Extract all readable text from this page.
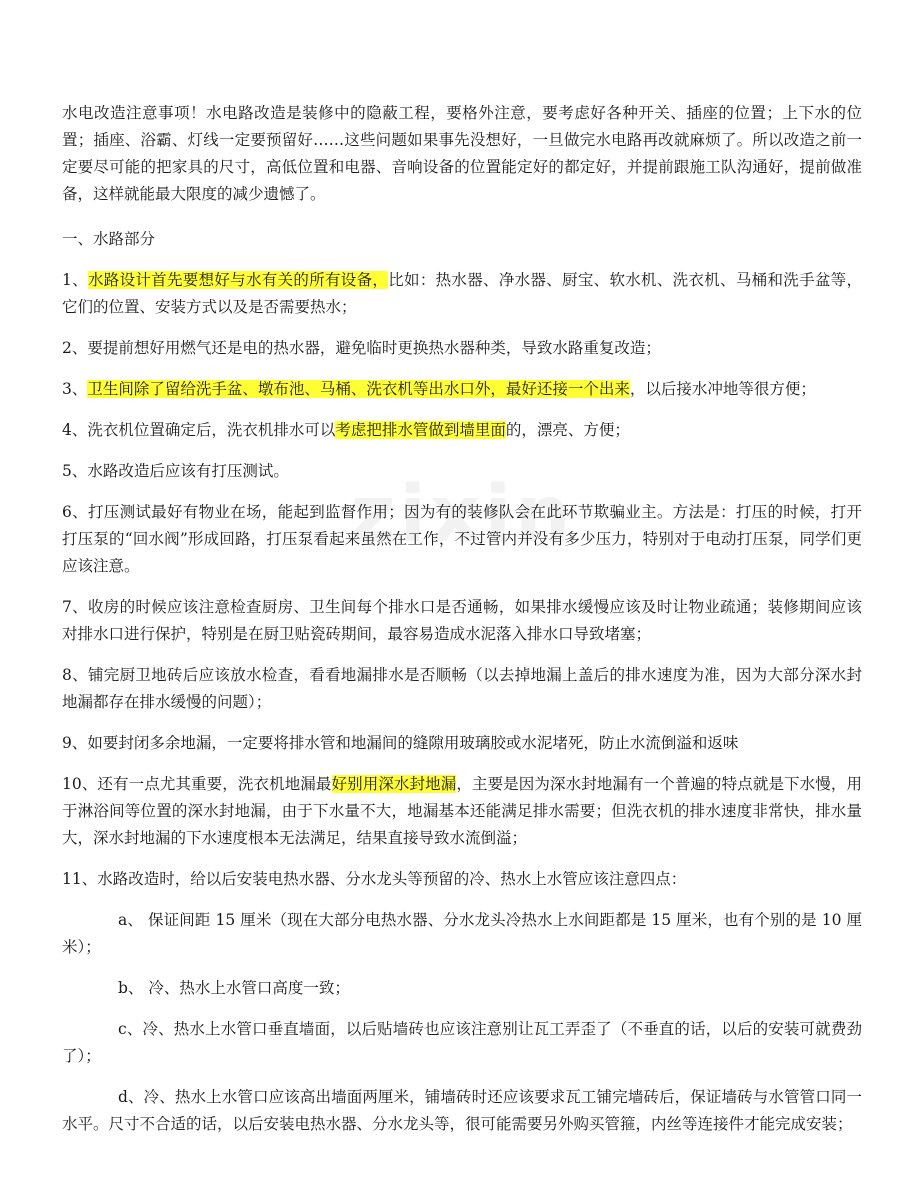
zixin

水电改造注意事项！水电路改造是装修中的隐蔽工程，要格外注意，要考虑好各种开关、插座的位置；上下水的位置；插座、浴霸、灯线一定要预留好……这些问题如果事先没想好，一旦做完水电路再改就麻烦了。所以改造之前一定要尽可能的把家具的尺寸，高低位置和电器、音响设备的位置能定好的都定好，并提前跟施工队沟通好，提前做准备，这样就能最大限度的减少遗憾了。

一、水路部分

1、水路设计首先要想好与水有关的所有设备，比如：热水器、净水器、厨宝、软水机、洗衣机、马桶和洗手盆等，它们的位置、安装方式以及是否需要热水；

2、要提前想好用燃气还是电的热水器，避免临时更换热水器种类，导致水路重复改造；

3、卫生间除了留给洗手盆、墩布池、马桶、洗衣机等出水口外，最好还接一个出来，以后接水冲地等很方便；

4、洗衣机位置确定后，洗衣机排水可以考虑把排水管做到墙里面的，漂亮、方便；

5、水路改造后应该有打压测试。

6、打压测试最好有物业在场，能起到监督作用；因为有的装修队会在此环节欺骗业主。方法是：打压的时候，打开打压泵的“回水阀”形成回路，打压泵看起来虽然在工作，不过管内并没有多少压力，特别对于电动打压泵，同学们更应该注意。

7、收房的时候应该注意检查厨房、卫生间每个排水口是否通畅，如果排水缓慢应该及时让物业疏通；装修期间应该对排水口进行保护，特别是在厨卫贴瓷砖期间，最容易造成水泥落入排水口导致堵塞；

8、铺完厨卫地砖后应该放水检查，看看地漏排水是否顺畅（以去掉地漏上盖后的排水速度为准，因为大部分深水封地漏都存在排水缓慢的问题）；

9、如要封闭多余地漏，一定要将排水管和地漏间的缝隙用玻璃胶或水泥堵死，防止水流倒溢和返味

10、还有一点尤其重要，洗衣机地漏最好别用深水封地漏，主要是因为深水封地漏有一个普遍的特点就是下水慢，用于淋浴间等位置的深水封地漏，由于下水量不大，地漏基本还能满足排水需要；但洗衣机的排水速度非常快，排水量大，深水封地漏的下水速度根本无法满足，结果直接导致水流倒溢；

11、水路改造时，给以后安装电热水器、分水龙头等预留的冷、热水上水管应该注意四点：

a、 保证间距 15 厘米（现在大部分电热水器、分水龙头冷热水上水间距都是 15 厘米，也有个别的是 10 厘米）；

b、 冷、热水上水管口高度一致；

c、冷、热水上水管口垂直墙面，以后贴墙砖也应该注意别让瓦工弄歪了（不垂直的话，以后的安装可就费劲了）；

d、冷、热水上水管口应该高出墙面两厘米，铺墙砖时还应该要求瓦工铺完墙砖后，保证墙砖与水管管口同一水平。尺寸不合适的话，以后安装电热水器、分水龙头等，很可能需要另外购买管箍，内丝等连接件才能完成安装；
